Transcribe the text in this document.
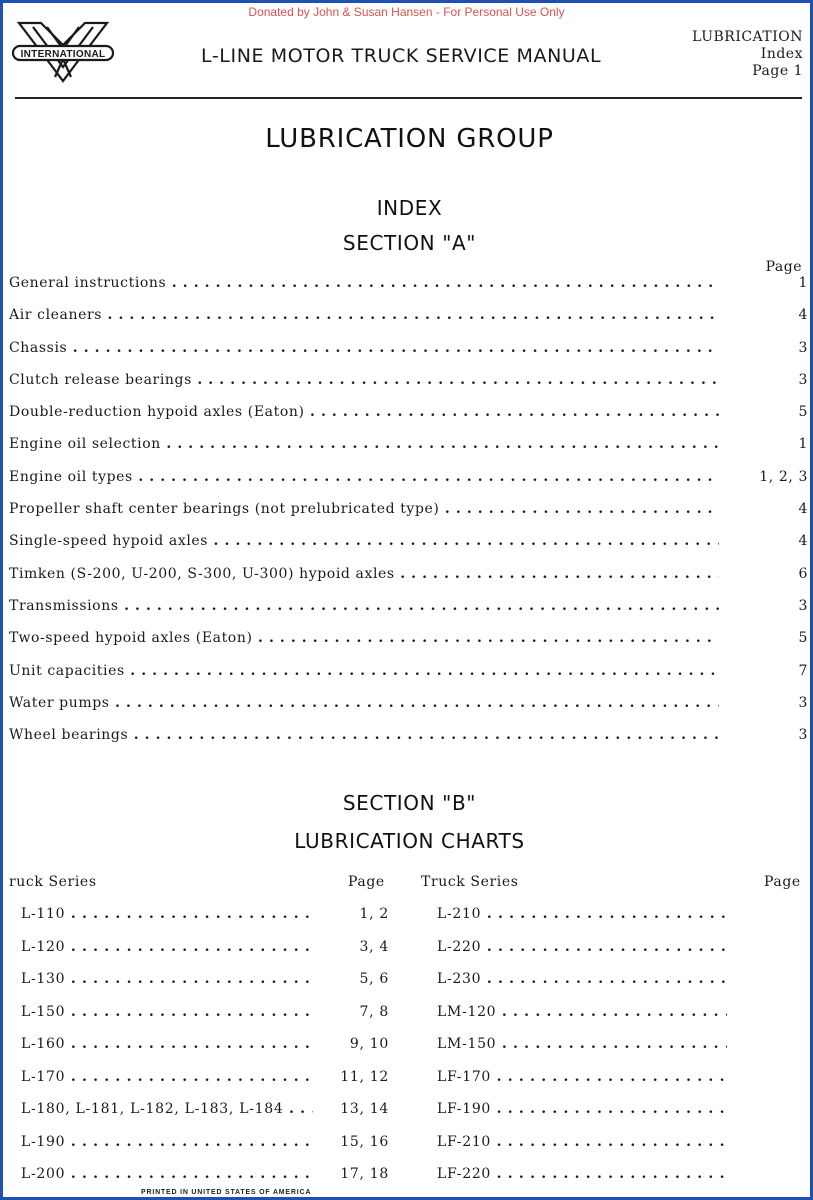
Donated by John & Susan Hansen - For Personal Use Only
INTERNATIONAL	L-LINE MOTOR TRUCK SERVICE MANUAL
LUBRICATION
Index
Page 1
LUBRICATION GROUP
INDEX
SECTION "A"
Page
General instructions . . .	1
Air cleaners . . .	4
Chassis . . .	3
Clutch release bearings . . .	3
Double-reduction hypoid axles (Eaton) . . .	5
Engine oil selection . . .	1
Engine oil types . . .	1, 2, 3
Propeller shaft center bearings (not prelubricated type) . . .	4
Single-speed hypoid axles . . .	4
Timken (S-200, U-200, S-300, U-300) hypoid axles . . .	6
Transmissions . . .	3
Two-speed hypoid axles (Eaton) . . .	5
Unit capacities . . .	7
Water pumps . . .	3
Wheel bearings . . .	3
SECTION "B"
LUBRICATION CHARTS
ruck Series	Page	Truck Series	Page
L-110 . . .	1, 2
L-120 . . .	3, 4
L-130 . . .	5, 6
L-150 . . .	7, 8
L-160 . . .	9, 10
L-170 . . .	11, 12
L-180, L-181, L-182, L-183, L-184 . . .	13, 14
L-190 . . .	15, 16
L-200 . . .	17, 18
L-210 . . .
L-220 . . .
L-230 . . .
LM-120 . . .
LM-150 . . .
LF-170 . . .
LF-190 . . .
LF-210 . . .
LF-220 . . .
PRINTED IN UNITED STATES OF AMERICA
